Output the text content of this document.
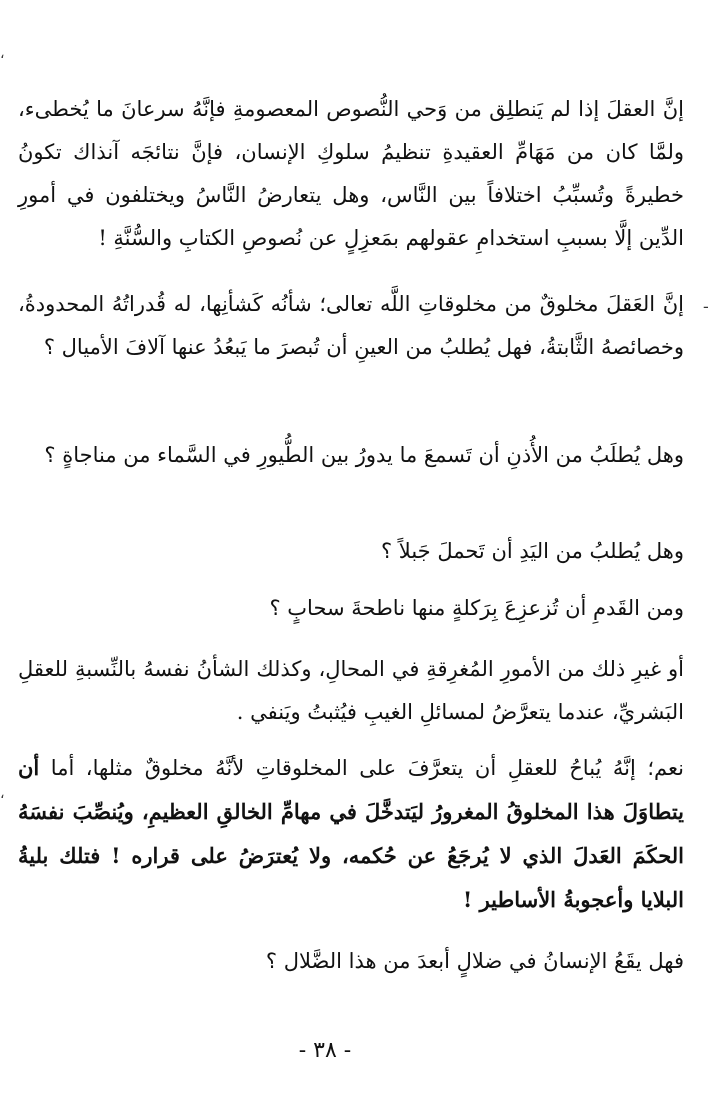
،
ـ
،

إنَّ العقلَ إذا لم يَنطلِق من وَحي النُّصوص المعصومةِ فإنَّهُ سرعانَ ما يُخطىء، ولمَّا كان من مَهَامِّ العقيدةِ تنظيمُ سلوكِ الإنسان، فإنَّ نتائجَه آنذاك تكونُ خطيرةً وتُسبِّبُ اختلافاً بين النَّاس، وهل يتعارضُ النَّاسُ ويختلفون في أمورِ الدِّين إلَّا بسببِ استخدامِ عقولهم بمَعزِلٍ عن نُصوصِ الكتابِ والسُّنَّةِ !

إنَّ العَقلَ مخلوقٌ من مخلوقاتِ اللَّه تعالى؛ شأنُه كَشأنِها، له قُدراتُهُ المحدودةُ، وخصائصهُ الثَّابتةُ، فهل يُطلبُ من العينِ أن تُبصرَ ما يَبعُدُ عنها آلافَ الأميال ؟

وهل يُطلَبُ من الأُذنِ أن تَسمعَ ما يدورُ بين الطُّيورِ في السَّماء من مناجاةٍ ؟

وهل يُطلبُ من اليَدِ أن تَحملَ جَبلاً ؟

ومن القَدمِ أن تُزعزِعَ بِرَكلةٍ منها ناطحةَ سحابٍ ؟

أو غيرِ ذلك من الأمورِ المُغرِقةِ في المحالِ، وكذلك الشأنُ نفسهُ بالنِّسبةِ للعقلِ البَشريِّ، عندما يتعرَّضُ لمسائلِ الغيبِ فيُثبتُ ويَنفي .

نعم؛ إنَّهُ يُباحُ للعقلِ أن يتعرَّفَ على المخلوقاتِ لأنَّهُ مخلوقٌ مثلها، أما أن يتطاوَلَ هذا المخلوقُ المغرورُ ليَتدخَّلَ في مهامِّ الخالقِ العظيمِ، ويُنصِّبَ نفسَهُ الحكَمَ العَدلَ الذي لا يُرجَعُ عن حُكمه، ولا يُعترَضُ على قراره ! فتلك بليةُ البلايا وأعجوبةُ الأساطير !

فهل يقَعُ الإنسانُ في ضلالٍ أبعدَ من هذا الضَّلال ؟

- ٣٨ -
